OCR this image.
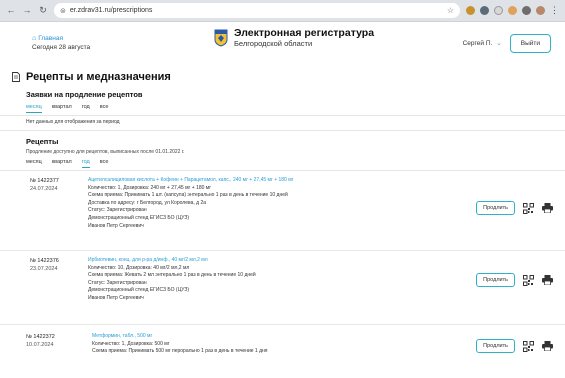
← → ↻ ⊜ er.zdrav31.ru/prescriptions	☆	⋮
⌂ Главная
Сегодня 28 августа
Электронная регистратура
Белгородской области	Сергей П. ⌄	Выйти
Рецепты и медназначения
Заявки на продление рецептов
месяц квартал год все
Нет данных для отображения за период
Рецепты
Продление доступно для рецептов, выписанных после 01.01.2022 г.
месяц квартал год все
№ 1422377
24.07.2024
Ацетилсалициловая кислота + Кофеин + Парацетамол, капс., 240 мг + 27,45 мг + 180 мг
Количество: 1, Дозировка: 240 мг + 27,45 мг + 180 мг
Схема приема: Принимать 1 шт. (капсула) энтерально 1 раз в день в течение 10 дней
Доставка по адресу: г Белгород, ул Королева, д 2а
Статус: Зарегистрирован
Демонстрационный стенд ЕГИСЗ БО (ЦУЗ)
Иванов Петр Сергеевич
Продлить
№ 1422376
23.07.2024
Ирбиотевин, конц. для р-ра д/инф., 40 мг/2 мл,2 мл
Количество: 10, Дозировка: 40 мг/2 мл,2 мл
Схема приема: Жевать 2 мл энтерально 1 раз в день в течение 10 дней
Статус: Зарегистрирован
Демонстрационный стенд ЕГИСЗ БО (ЦУЗ)
Иванов Петр Сергеевич
Продлить
№ 1422372
10.07.2024
Метформин, табл., 500 мг
Количество: 1, Дозировка: 500 мг
Схема приема: Принимать 500 мг перорально 1 раз в день в течение 1 дня
Продлить
